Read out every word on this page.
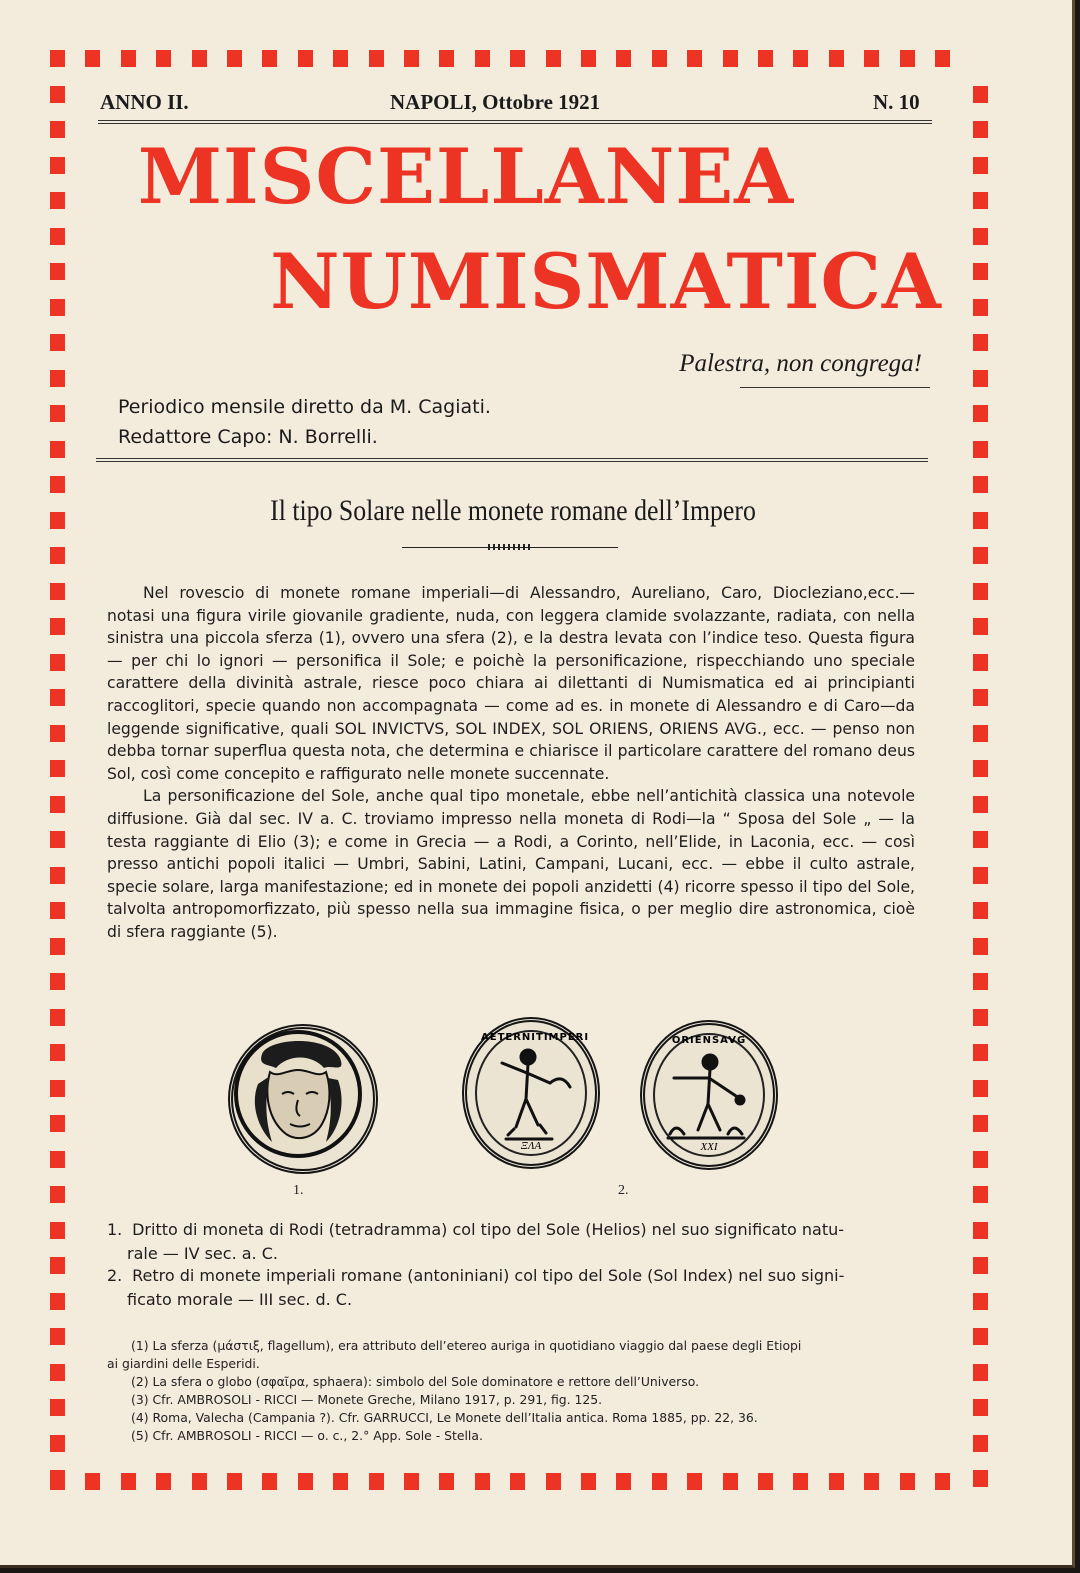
ANNO II.	NAPOLI, Ottobre 1921	N. 10
MISCELLANEA
NUMISMATICA
Palestra, non congrega!
Periodico mensile diretto da M. Cagiati.
Redattore Capo: N. Borrelli.
Il tipo Solare nelle monete romane dell’Impero

Nel rovescio di monete romane imperiali—di Alessandro, Aureliano, Caro, Diocleziano,ecc.— notasi una figura virile giovanile gradiente, nuda, con leggera clamide svolazzante, radiata, con nella sinistra una piccola sferza (1), ovvero una sfera (2), e la destra levata con l’indice teso. Questa figura — per chi lo ignori — personifica il Sole; e poichè la personificazione, rispecchiando uno speciale carattere della divinità astrale, riesce poco chiara ai dilettanti di Numismatica ed ai principianti raccoglitori, specie quando non accompagnata — come ad es. in monete di Alessandro e di Caro—da leggende significative, quali SOL INVICTVS, SOL INDEX, SOL ORIENS, ORIENS AVG., ecc. — penso non debba tornar superflua questa nota, che determina e chiarisce il particolare carattere del romano deus Sol, così come concepito e raffigurato nelle monete succennate.

La personificazione del Sole, anche qual tipo monetale, ebbe nell’antichità classica una notevole diffusione. Già dal sec. IV a. C. troviamo impresso nella moneta di Rodi—la “ Sposa del Sole „ — la testa raggiante di Elio (3); e come in Grecia — a Rodi, a Corinto, nell’Elide, in Laconia, ecc. — così presso antichi popoli italici — Umbri, Sabini, Latini, Campani, Lucani, ecc. — ebbe il culto astrale, specie solare, larga manifestazione; ed in monete dei popoli anzidetti (4) ricorre spesso il tipo del Sole, talvolta antropomorfizzato, più spesso nella sua immagine fisica, o per meglio dire astronomica, cioè di sfera raggiante (5).

AETERNITIMPERI
ΞΛΑ
ORIENSAVG
XXI
1.	2.
1. Dritto di moneta di Rodi (tetradramma) col tipo del Sole (Helios) nel suo significato natu-
rale — IV sec. a. C.
2. Retro di monete imperiali romane (antoniniani) col tipo del Sole (Sol Index) nel suo signi-
ficato morale — III sec. d. C.
(1) La sferza (μάστιξ, flagellum), era attributo dell’etereo auriga in quotidiano viaggio dal paese degli Etiopi
ai giardini delle Esperidi.
(2) La sfera o globo (σφαῖρα, sphaera): simbolo del Sole dominatore e rettore dell’Universo.
(3) Cfr. AMBROSOLI - RICCI — Monete Greche, Milano 1917, p. 291, fig. 125.
(4) Roma, Valecha (Campania ?). Cfr. GARRUCCI, Le Monete dell’Italia antica. Roma 1885, pp. 22, 36.
(5) Cfr. AMBROSOLI - RICCI — o. c., 2.° App. Sole - Stella.
